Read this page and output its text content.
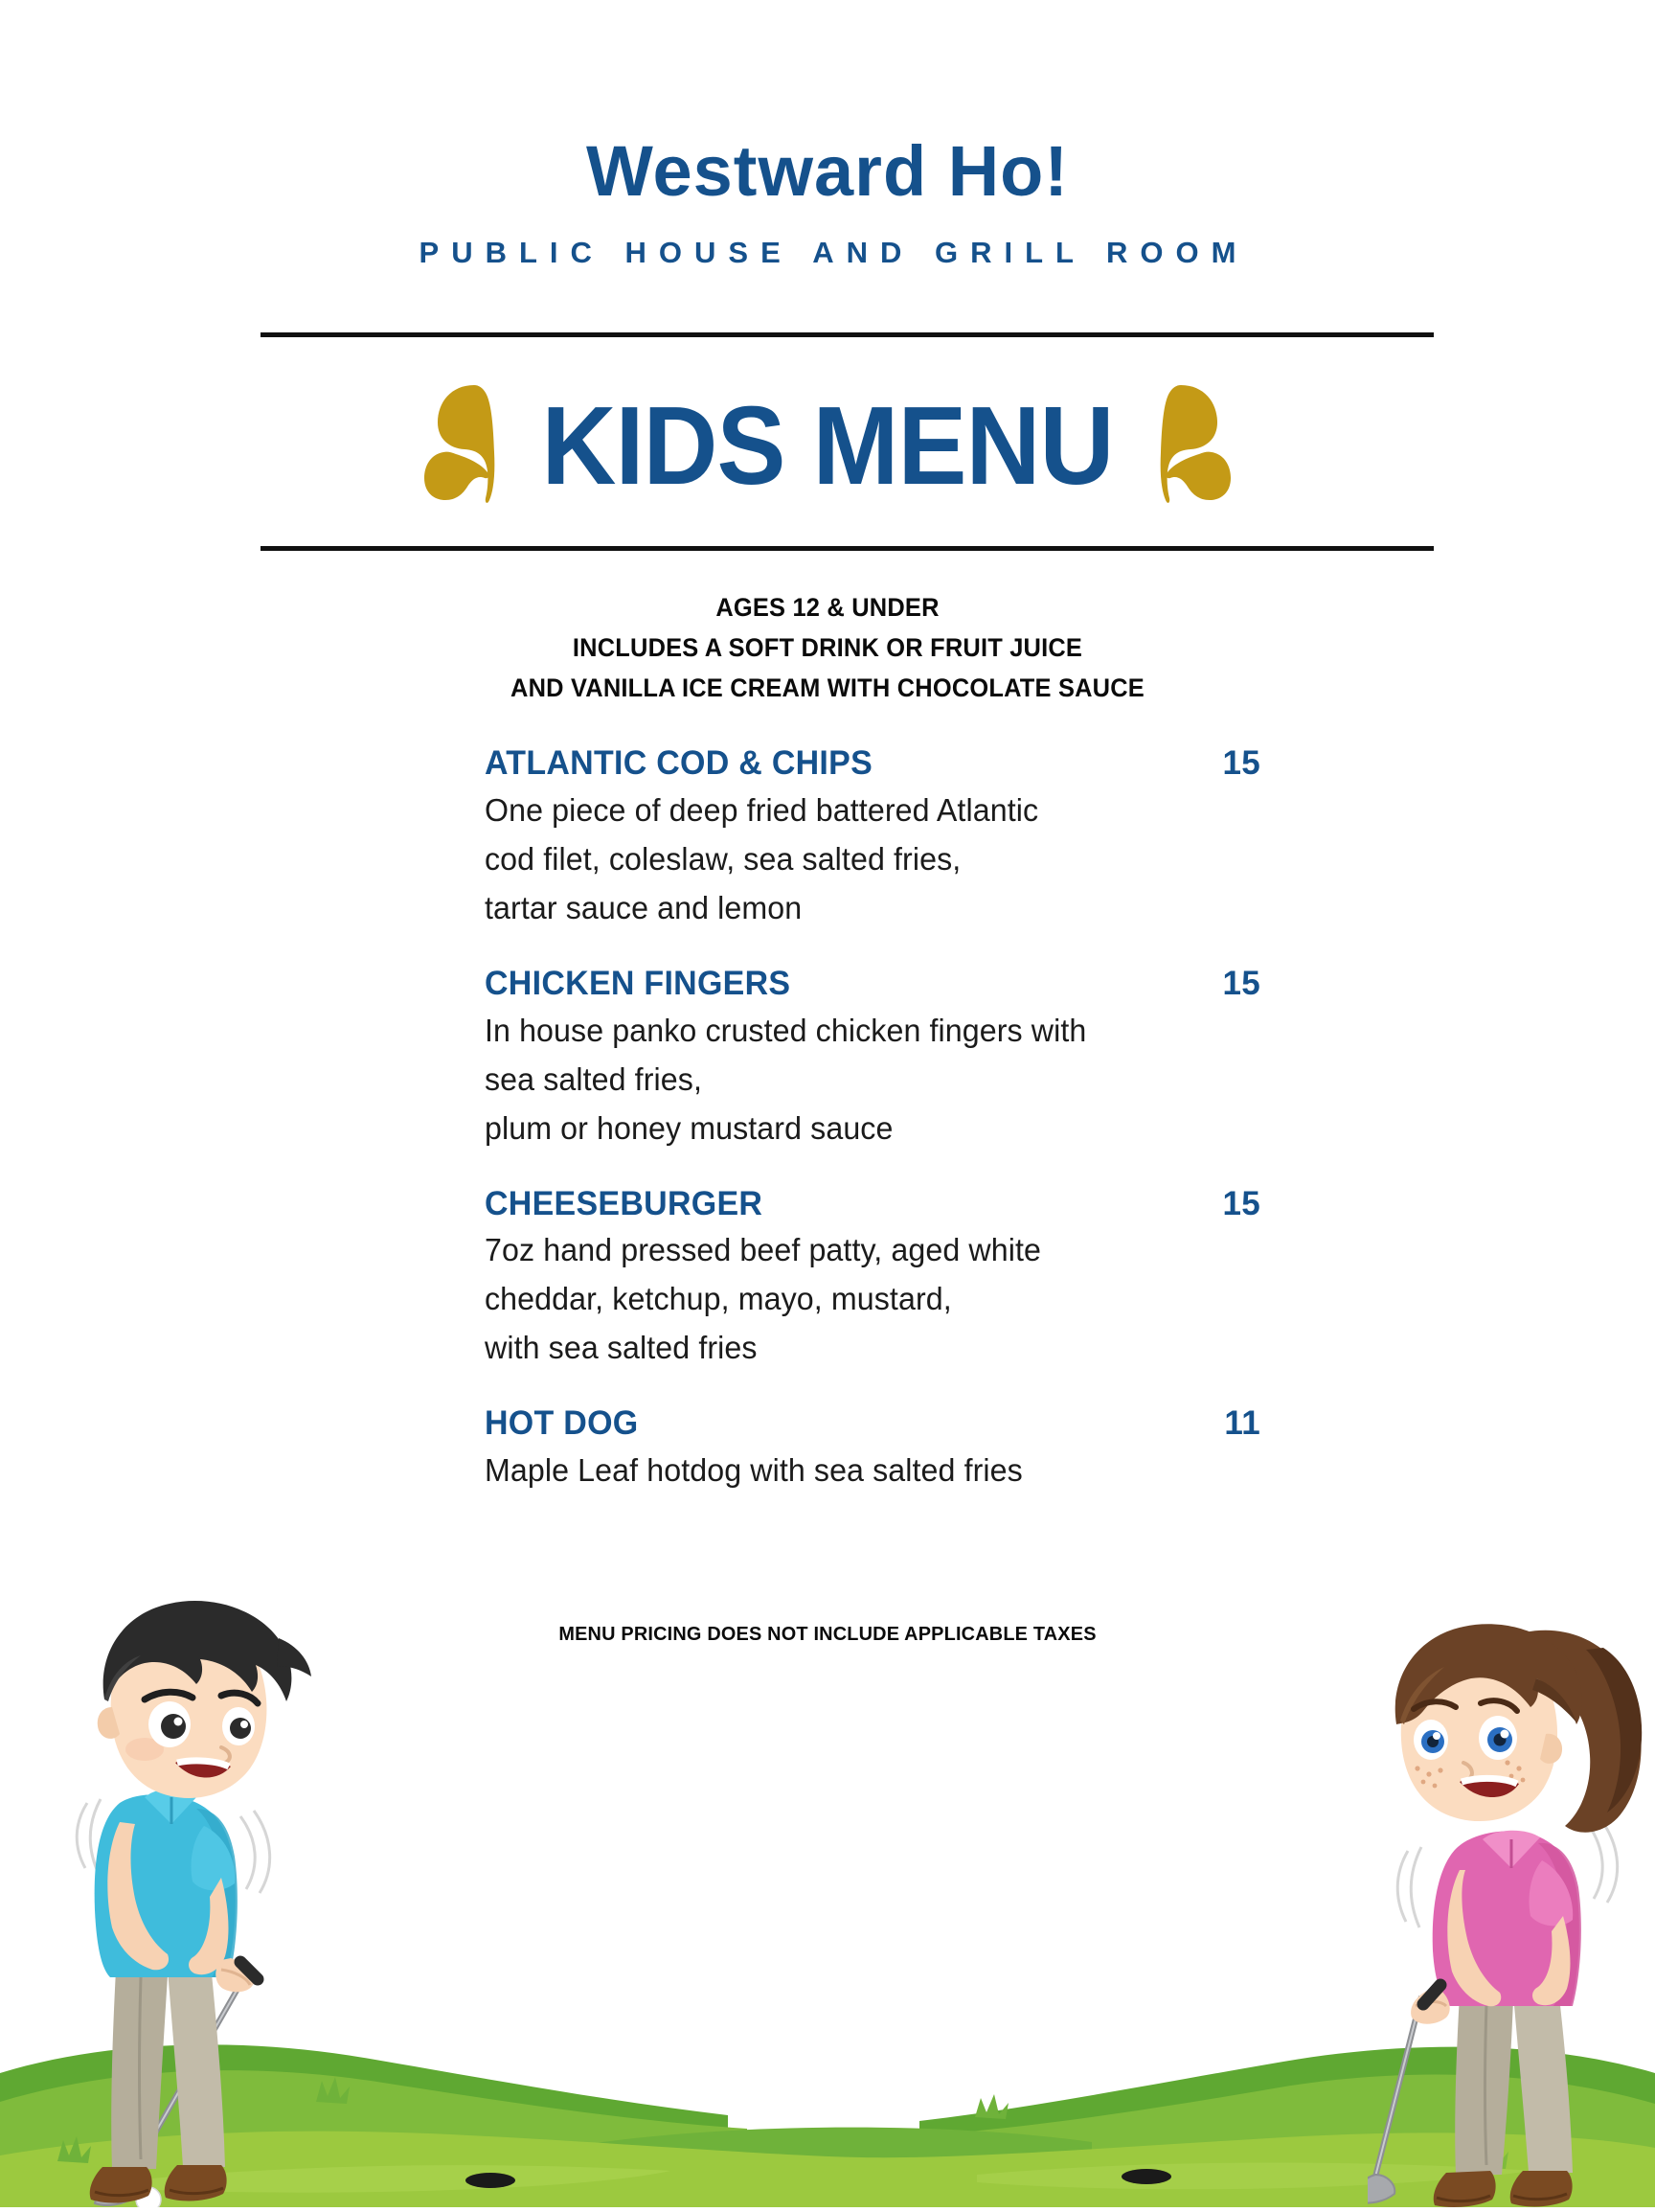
Westward Ho!
PUBLIC HOUSE AND GRILL ROOM
KIDS MENU
AGES 12 & UNDER
INCLUDES A SOFT DRINK OR FRUIT JUICE
AND VANILLA ICE CREAM WITH CHOCOLATE SAUCE
ATLANTIC COD & CHIPS	15
One piece of deep fried battered Atlantic
cod filet, coleslaw, sea salted fries,
tartar sauce and lemon
CHICKEN FINGERS	15
In house panko crusted chicken fingers with
sea salted fries,
plum or honey mustard sauce
CHEESEBURGER	15
7oz hand pressed beef patty, aged white
cheddar, ketchup, mayo, mustard,
with sea salted fries
HOT DOG	11
Maple Leaf hotdog with sea salted fries
MENU PRICING DOES NOT INCLUDE APPLICABLE TAXES
